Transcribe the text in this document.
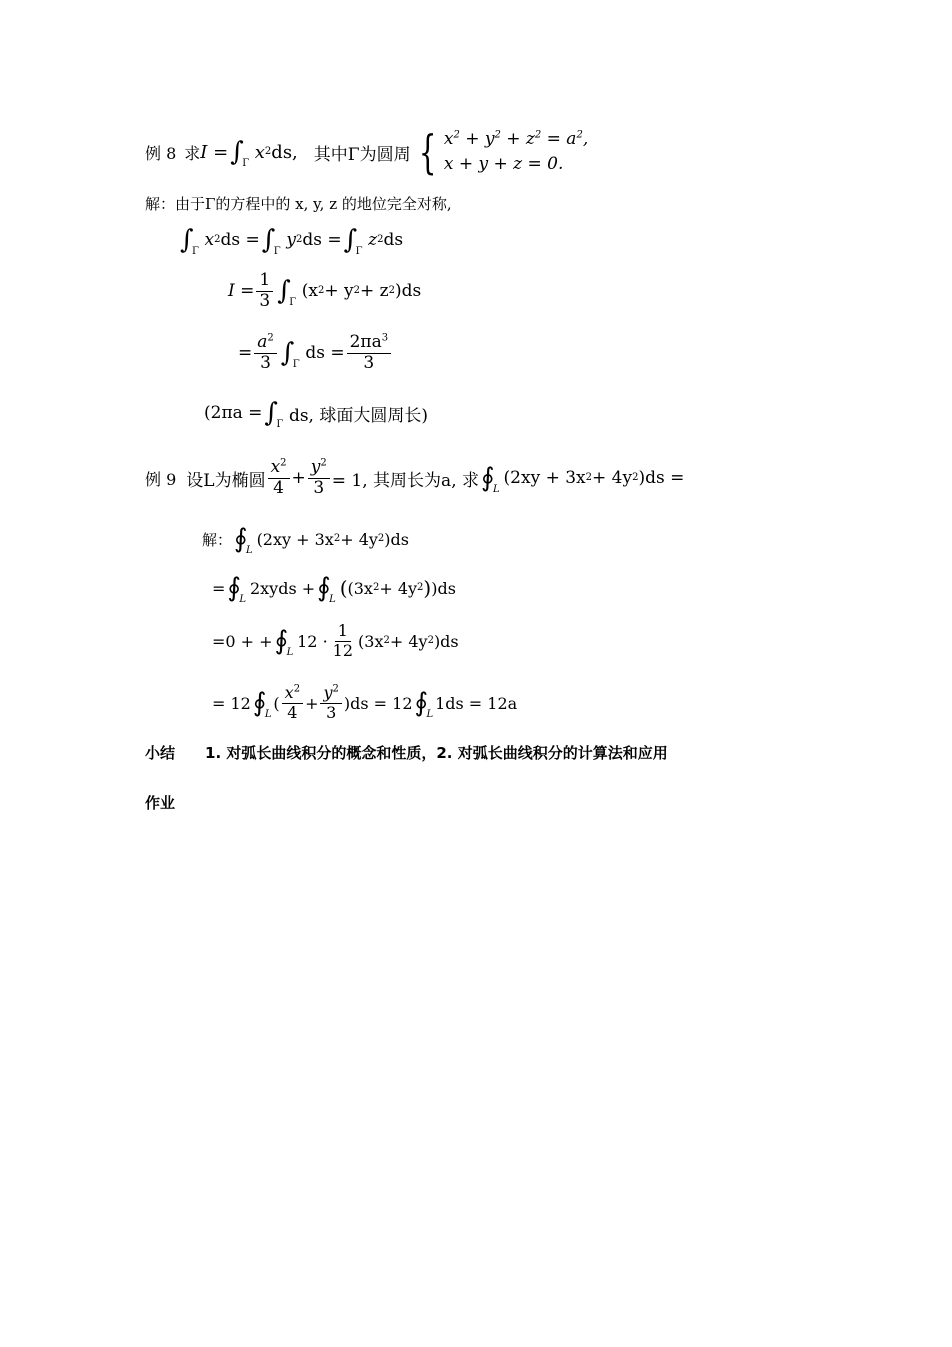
例 8 求 I = ∫
Γ
x 2 ds, 其中Γ为圆周 { $x^2 + y^2 + z^2 = a^2$,
x + y + z = 0.
解：由于Γ的方程中的 x, y, z 的地位完全对称,
∫
Γ
x 2 ds = ∫
Γ
y 2 ds = ∫
Γ
z 2 ds
$I = \frac{1}{3}$ ∫
Γ
(x 2 + y 2 + z 2 )ds
= $\frac{a^2}{3}$ ∫
Γ
ds = $\frac{2\pi a^3}{3}$
(2πa = ∫
Γ ds, 球面大圆周长)
例 9 设L为椭圆 $\frac{x^2}{4} + \frac{y^2}{3} = 1$, 其周长为a, 求 ∮
L
(2xy + 3x 2 + 4y 2 )ds =
解： ∮
L
(2xy + 3x 2 + 4y 2 )ds
= ∮
L
2xyds + ∮
L ( (3x 2 + 4y 2 ) )ds
=0 + + ∮
L
$12 \cdot \frac{1}{12} (3x$ 2 + 4y 2 )ds
= 12 ∮
L
( $\frac{x^2}{4} + \frac{y^2}{3} )ds = 12$ ∮
L
1ds = 12a
小结 1. 对弧长曲线积分的概念和性质，2. 对弧长曲线积分的计算法和应用
作业
